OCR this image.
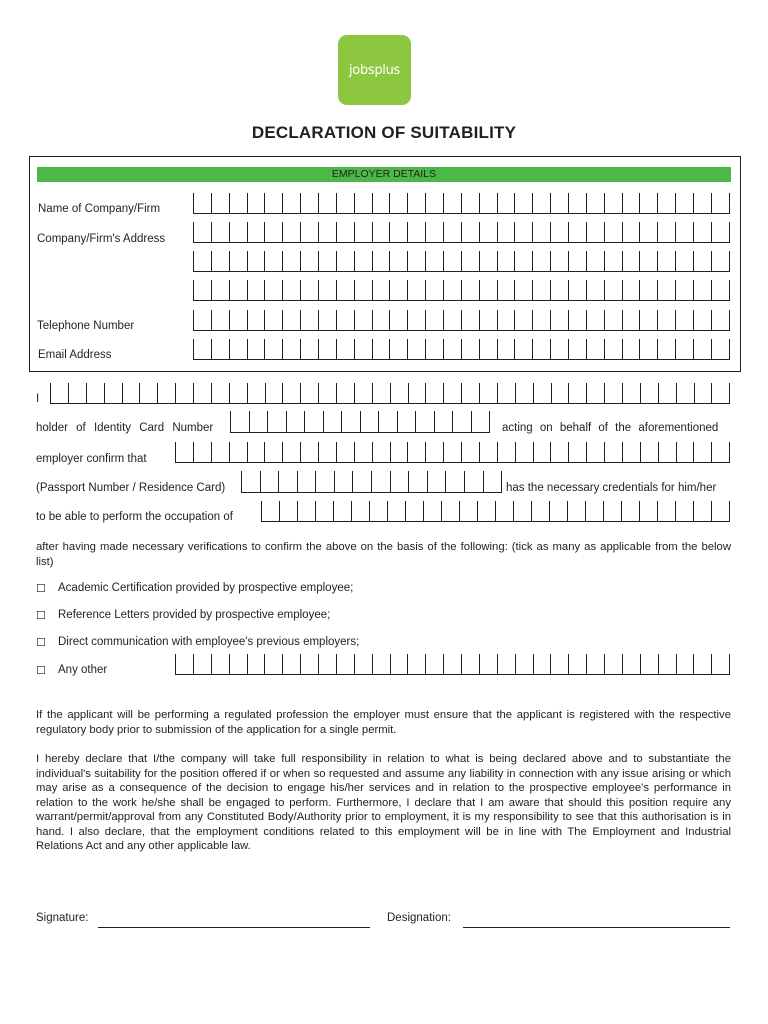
jobsplus
DECLARATION OF SUITABILITY
EMPLOYER DETAILS
Name of Company/Firm
Company/Firm's Address
Telephone Number
Email Address
I
holder of Identity Card Number	acting on behalf of the aforementioned
employer confirm that
(Passport Number / Residence Card)	has the necessary credentials for him/her
to be able to perform the occupation of
after having made necessary verifications to confirm the above on the basis of the following: (tick as many as applicable from the below list)
☐ Academic Certification provided by prospective employee;
☐ Reference Letters provided by prospective employee;
☐ Direct communication with employee's previous employers;
☐ Any other
If the applicant will be performing a regulated profession the employer must ensure that the applicant is registered with the respective regulatory body prior to submission of the application for a single permit.
I hereby declare that I/the company will take full responsibility in relation to what is being declared above and to substantiate the individual's suitability for the position offered if or when so requested and assume any liability in connection with any issue arising or which may arise as a consequence of the decision to engage his/her services and in relation to the prospective employee's performance in relation to the work he/she shall be engaged to perform. Furthermore, I declare that I am aware that should this position require any warrant/permit/approval from any Constituted Body/Authority prior to employment, it is my responsibility to see that this authorisation is in hand. I also declare, that the employment conditions related to this employment will be in line with The Employment and Industrial Relations Act and any other applicable law.
Signature:	Designation:
